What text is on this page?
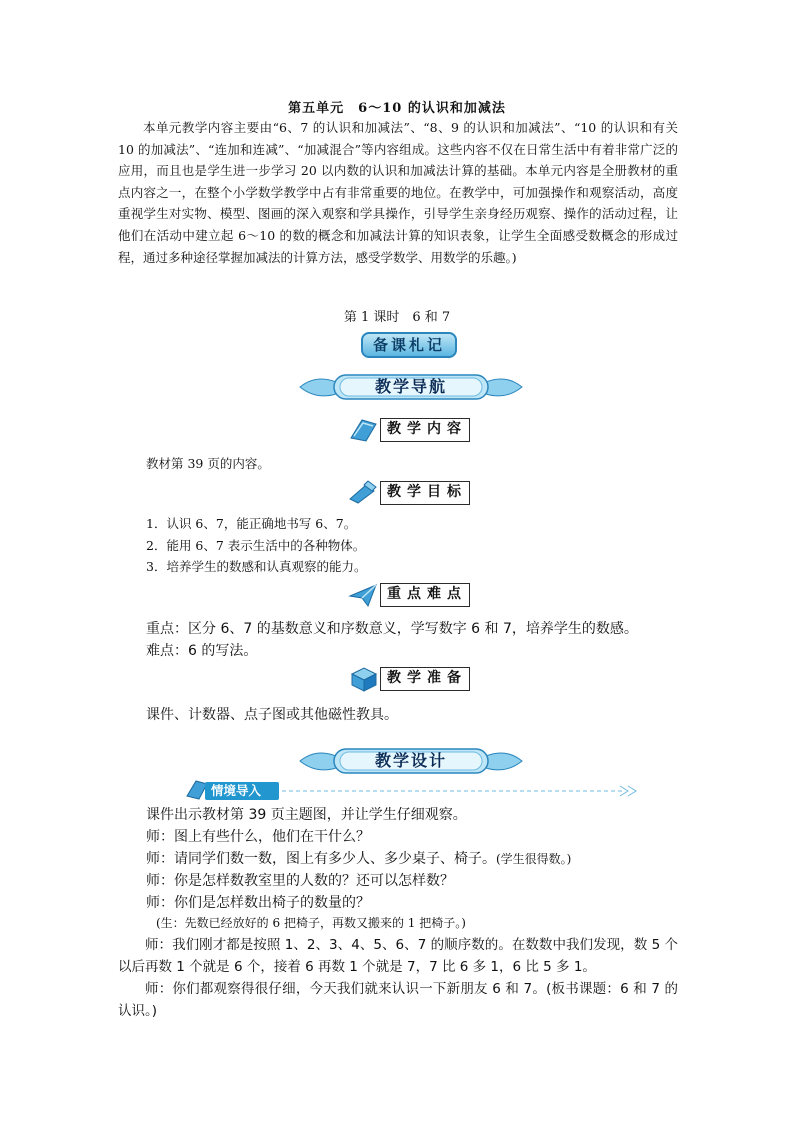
第五单元　6～10 的认识和加减法

本单元教学内容主要由“6、7 的认识和加减法”、“8、9 的认识和加减法”、“10 的认识和有关 10 的加减法”、“连加和连减”、“加减混合”等内容组成。这些内容不仅在日常生活中有着非常广泛的应用，而且也是学生进一步学习 20 以内数的认识和加减法计算的基础。本单元内容是全册教材的重点内容之一，在整个小学数学教学中占有非常重要的地位。在教学中，可加强操作和观察活动，高度重视学生对实物、模型、图画的深入观察和学具操作，引导学生亲身经历观察、操作的活动过程，让他们在活动中建立起 6～10 的数的概念和加减法计算的知识表象，让学生全面感受数概念的形成过程，通过多种途径掌握加减法的计算方法，感受学数学、用数学的乐趣。)

第 1 课时　6 和 7
备课札记
教学导航
教学内容
教材第 39 页的内容。
教学目标
1．认识 6、7，能正确地书写 6、7。
2．能用 6、7 表示生活中的各种物体。
3．培养学生的数感和认真观察的能力。
重点难点
重点：区分 6、7 的基数意义和序数意义，学写数字 6 和 7，培养学生的数感。
难点：6 的写法。
教学准备
课件、计数器、点子图或其他磁性教具。
教学设计
情境导入
课件出示教材第 39 页主题图，并让学生仔细观察。
师：图上有些什么，他们在干什么？
师：请同学们数一数，图上有多少人、多少桌子、椅子。(学生很得数。)
师：你是怎样数教室里的人数的？还可以怎样数？
师：你们是怎样数出椅子的数量的？
(生：先数已经放好的 6 把椅子，再数又搬来的 1 把椅子。)

师：我们刚才都是按照 1、2、3、4、5、6、7 的顺序数的。在数数中我们发现，数 5 个以后再数 1 个就是 6 个，接着 6 再数 1 个就是 7，7 比 6 多 1，6 比 5 多 1。

师：你们都观察得很仔细，今天我们就来认识一下新朋友 6 和 7。(板书课题：6 和 7 的认识。)
